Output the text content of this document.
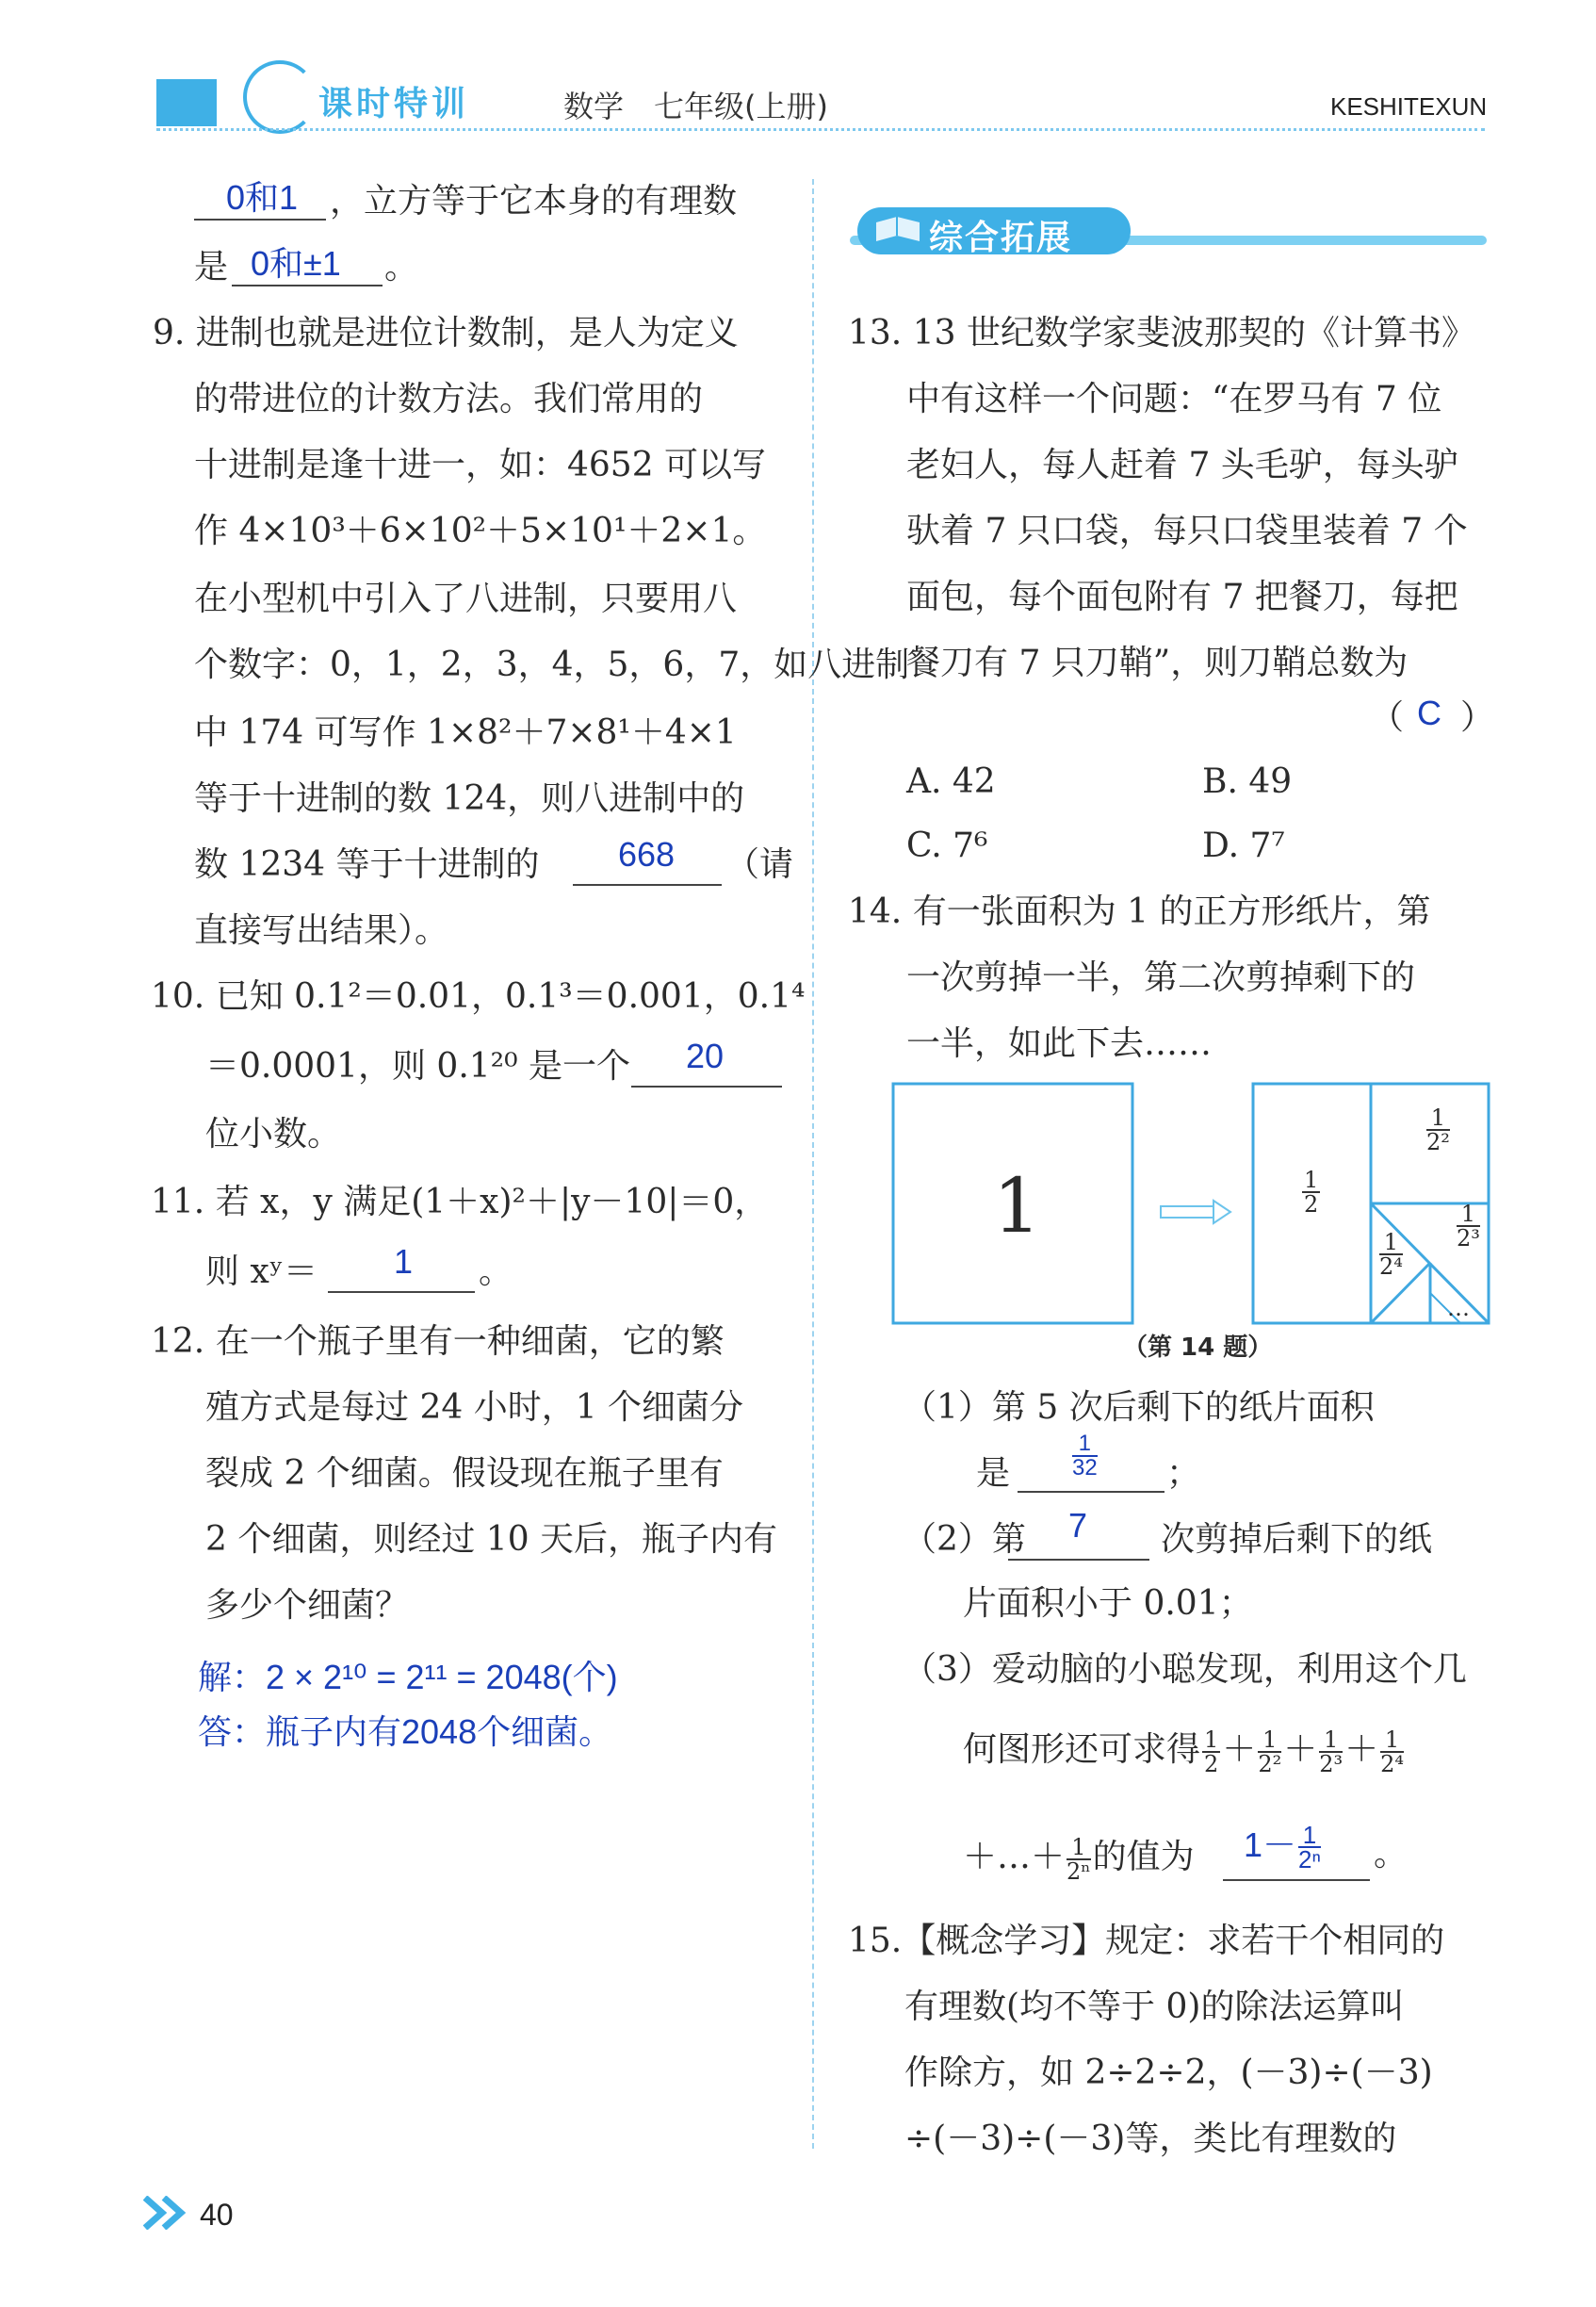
课时特训	数学　七年级(上册)	KESHITEXUN
0和1 ，立方等于它本身的有理数
是 0和±1 。
9. 进制也就是进位计数制，是人为定义
的带进位的计数方法。我们常用的
十进制是逢十进一，如：4652 可以写
作 4×10³＋6×10²＋5×10¹＋2×1。
在小型机中引入了八进制，只要用八
个数字：0，1，2，3，4，5，6，7，如八进制
中 174 可写作 1×8²＋7×8¹＋4×1
等于十进制的数 124，则八进制中的
数 1234 等于十进制的 668 （请
直接写出结果）。
10. 已知 0.1²＝0.01，0.1³＝0.001，0.1⁴
＝0.0001，则 0.1²⁰ 是一个 20
位小数。
11. 若 x，y 满足(1＋x)²＋|y－10|＝0，
则 xʸ＝ 1 。
12. 在一个瓶子里有一种细菌，它的繁
殖方式是每过 24 小时，1 个细菌分
裂成 2 个细菌。假设现在瓶子里有
2 个细菌，则经过 10 天后，瓶子内有
多少个细菌？
解：2 × 2¹⁰ = 2¹¹ = 2048(个)
答：瓶子内有2048个细菌。
综合拓展
13. 13 世纪数学家斐波那契的《计算书》
中有这样一个问题：“在罗马有 7 位
老妇人，每人赶着 7 头毛驴，每头驴
驮着 7 只口袋，每只口袋里装着 7 个
面包，每个面包附有 7 把餐刀，每把
餐刀有 7 只刀鞘”，则刀鞘总数为
（ C ）
A. 42	B. 49
C. 7⁶	D. 7⁷
14. 有一张面积为 1 的正方形纸片，第
一次剪掉一半，第二次剪掉剩下的
一半，如此下去……
1	$\frac{1}{2}$
$\frac{1}{\text{2²}}$
$\frac{1}{\text{2³}}$
$\frac{1}{\text{2⁴}}$
…
（第 14 题）
（1）第 5 次后剩下的纸片面积
是	$\frac{1}{32}$ ；
（2）第 7 次剪掉后剩下的纸
片面积小于 0.01；
（3）爱动脑的小聪发现，利用这个几
何图形还可求得 $\frac{1}{2} + \frac{1}{\text{2²}} + \frac{1}{\text{2³}} + \frac{1}{\text{2⁴}}$
＋…＋ $\frac{1}{\text{2ⁿ}}$ 的值为 $1- \frac{1}{\text{2ⁿ}}$ 。
15.【概念学习】规定：求若干个相同的
有理数(均不等于 0)的除法运算叫
作除方，如 2÷2÷2，(－3)÷(－3)
÷(－3)÷(－3)等，类比有理数的
40
